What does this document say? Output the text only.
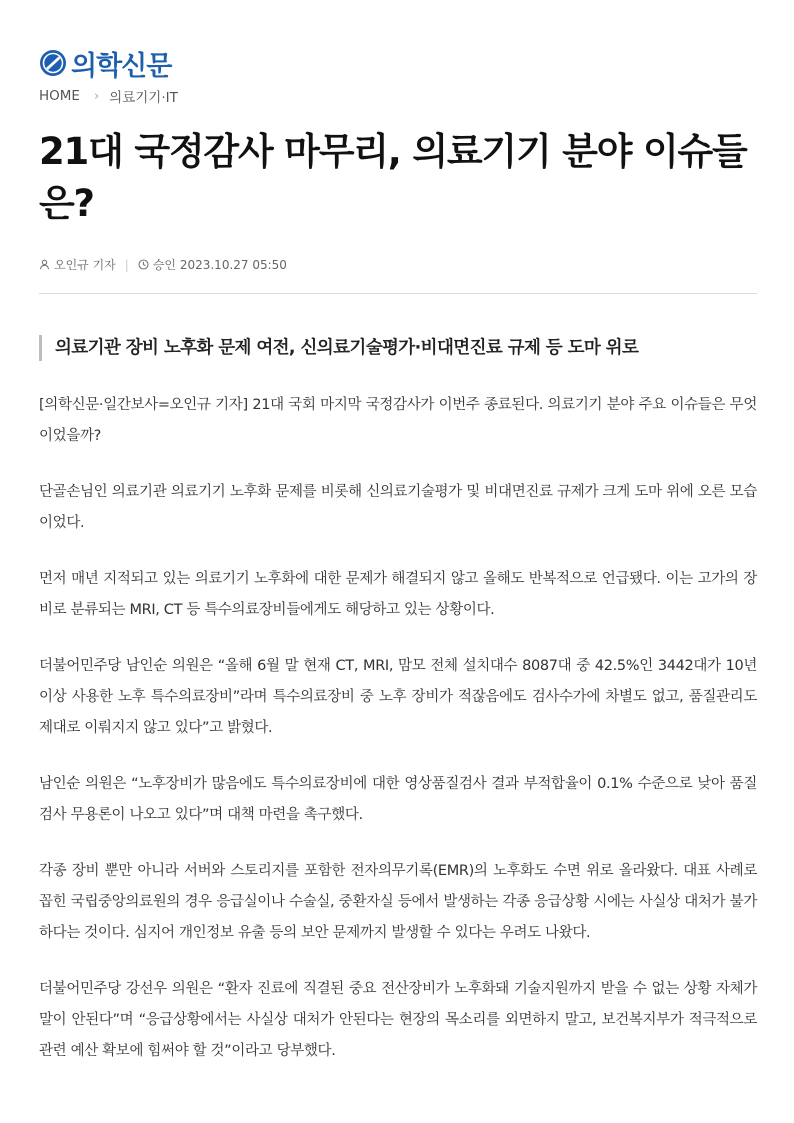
의학신문
HOME › 의료기기·IT
21대 국정감사 마무리, 의료기기 분야 이슈들은?
오인규 기자 | 승인 2023.10.27 05:50
의료기관 장비 노후화 문제 여전, 신의료기술평가·비대면진료 규제 등 도마 위로

[의학신문·일간보사=오인규 기자] 21대 국회 마지막 국정감사가 이번주 종료된다. 의료기기 분야 주요 이슈들은 무엇이었을까?

단골손님인 의료기관 의료기기 노후화 문제를 비롯해 신의료기술평가 및 비대면진료 규제가 크게 도마 위에 오른 모습이었다.

먼저 매년 지적되고 있는 의료기기 노후화에 대한 문제가 해결되지 않고 올해도 반복적으로 언급됐다. 이는 고가의 장비로 분류되는 MRI, CT 등 특수의료장비들에게도 해당하고 있는 상황이다.

더불어민주당 남인순 의원은 “올해 6월 말 현재 CT, MRI, 맘모 전체 설치대수 8087대 중 42.5%인 3442대가 10년 이상 사용한 노후 특수의료장비”라며 특수의료장비 중 노후 장비가 적잖음에도 검사수가에 차별도 없고, 품질관리도 제대로 이뤄지지 않고 있다”고 밝혔다.

남인순 의원은 “노후장비가 많음에도 특수의료장비에 대한 영상품질검사 결과 부적합율이 0.1% 수준으로 낮아 품질검사 무용론이 나오고 있다”며 대책 마련을 촉구했다.

각종 장비 뿐만 아니라 서버와 스토리지를 포함한 전자의무기록(EMR)의 노후화도 수면 위로 올라왔다. 대표 사례로 꼽힌 국립중앙의료원의 경우 응급실이나 수술실, 중환자실 등에서 발생하는 각종 응급상황 시에는 사실상 대처가 불가하다는 것이다. 심지어 개인정보 유출 등의 보안 문제까지 발생할 수 있다는 우려도 나왔다.

더불어민주당 강선우 의원은 “환자 진료에 직결된 중요 전산장비가 노후화돼 기술지원까지 받을 수 없는 상황 자체가 말이 안된다”며 “응급상황에서는 사실상 대처가 안된다는 현장의 목소리를 외면하지 말고, 보건복지부가 적극적으로 관련 예산 확보에 힘써야 할 것”이라고 당부했다.
